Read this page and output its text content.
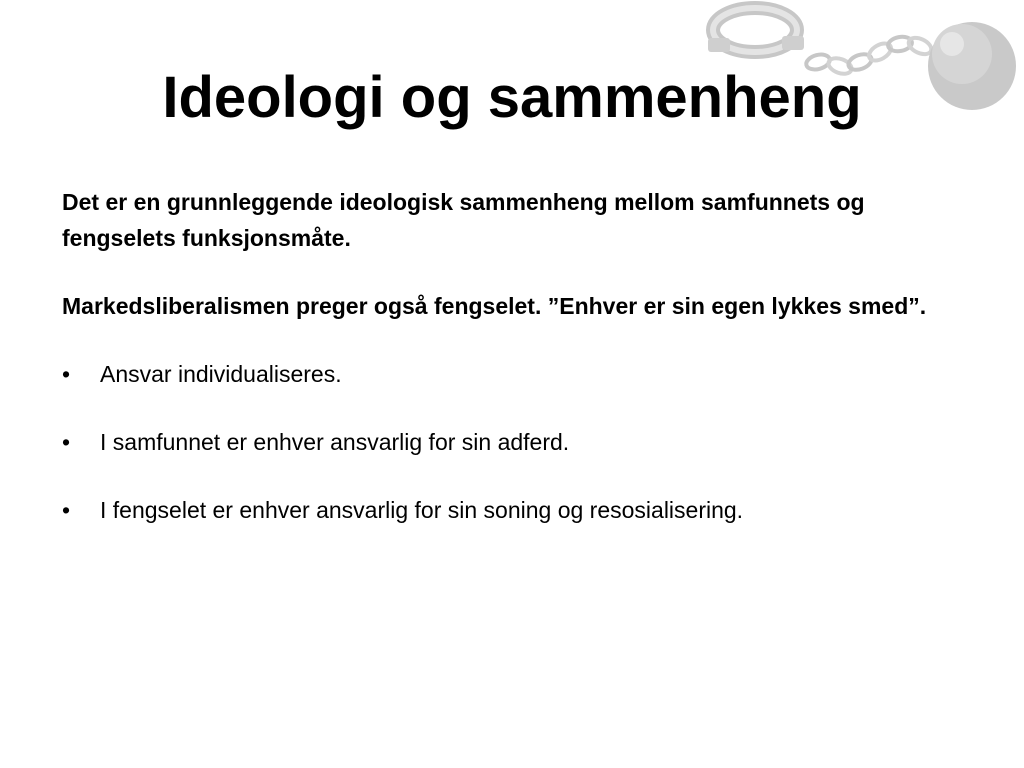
Ideologi og sammenheng

Det er en grunnleggende ideologisk sammenheng mellom samfunnets og fengselets funksjonsmåte.

Markedsliberalismen preger også fengselet. ”Enhver er sin egen lykkes smed”.

• Ansvar individualiseres.
• I samfunnet er enhver ansvarlig for sin adferd.
• I fengselet er enhver ansvarlig for sin soning og resosialisering.
